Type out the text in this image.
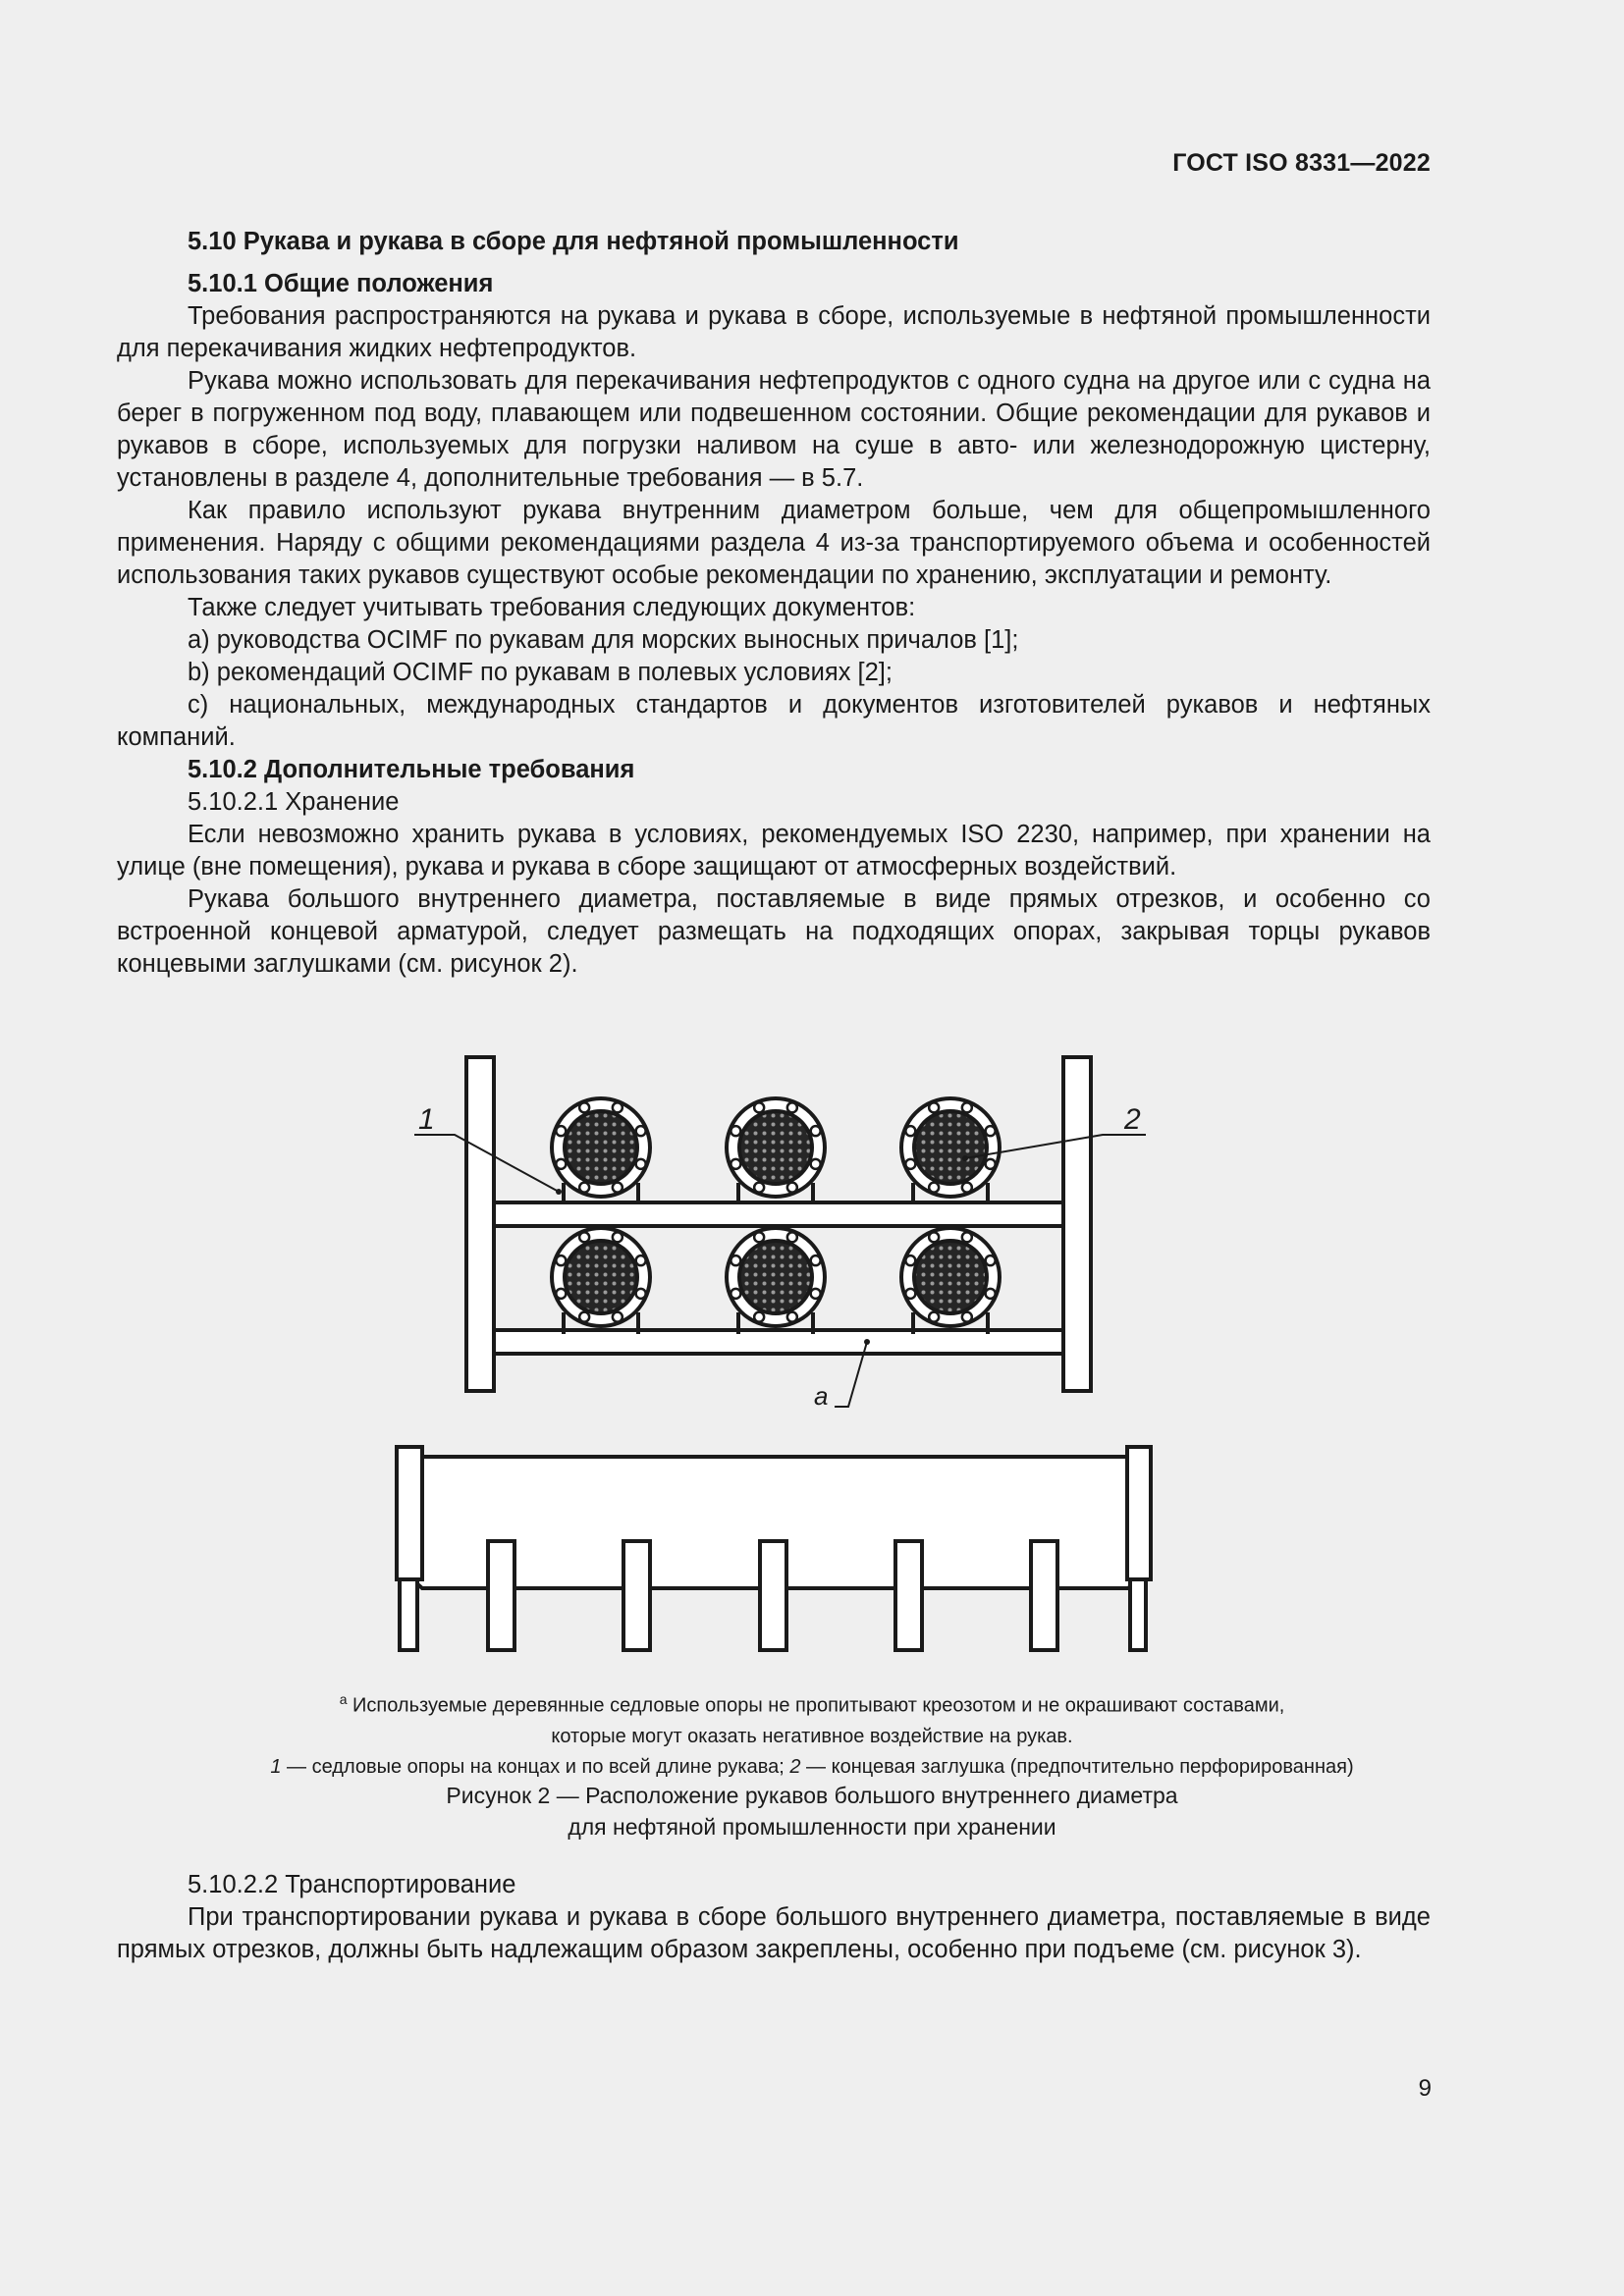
ГОСТ ISO 8331—2022

5.10 Рукава и рукава в сборе для нефтяной промышленности

5.10.1 Общие положения

Требования распространяются на рукава и рукава в сборе, используемые в нефтяной промышленности для перекачивания жидких нефтепродуктов.

Рукава можно использовать для перекачивания нефтепродуктов с одного судна на другое или с судна на берег в погруженном под воду, плавающем или подвешенном состоянии. Общие рекомендации для рукавов и рукавов в сборе, используемых для погрузки наливом на суше в авто- или железнодорожную цистерну, установлены в разделе 4, дополнительные требования — в 5.7.

Как правило используют рукава внутренним диаметром больше, чем для общепромышленного применения. Наряду с общими рекомендациями раздела 4 из-за транспортируемого объема и особенностей использования таких рукавов существуют особые рекомендации по хранению, эксплуатации и ремонту.

Также следует учитывать требования следующих документов:

a) руководства OCIMF по рукавам для морских выносных причалов [1];

b) рекомендаций OCIMF по рукавам в полевых условиях [2];

c) национальных, международных стандартов и документов изготовителей рукавов и нефтяных компаний.

5.10.2 Дополнительные требования

5.10.2.1 Хранение

Если невозможно хранить рукава в условиях, рекомендуемых ISO 2230, например, при хранении на улице (вне помещения), рукава и рукава в сборе защищают от атмосферных воздействий.

Рукава большого внутреннего диаметра, поставляемые в виде прямых отрезков, и особенно со встроенной концевой арматурой, следует размещать на подходящих опорах, закрывая торцы рукавов концевыми заглушками (см. рисунок 2).

1	2
a
$^a$ Используемые деревянные седловые опоры не пропитывают креозотом и не окрашивают составами,
которые могут оказать негативное воздействие на рукав.
1 — седловые опоры на концах и по всей длине рукава; 2 — концевая заглушка (предпочтительно перфорированная)
Рисунок 2 — Расположение рукавов большого внутреннего диаметра
для нефтяной промышленности при хранении

5.10.2.2 Транспортирование

При транспортировании рукава и рукава в сборе большого внутреннего диаметра, поставляемые в виде прямых отрезков, должны быть надлежащим образом закреплены, особенно при подъеме (см. рисунок 3).

9
